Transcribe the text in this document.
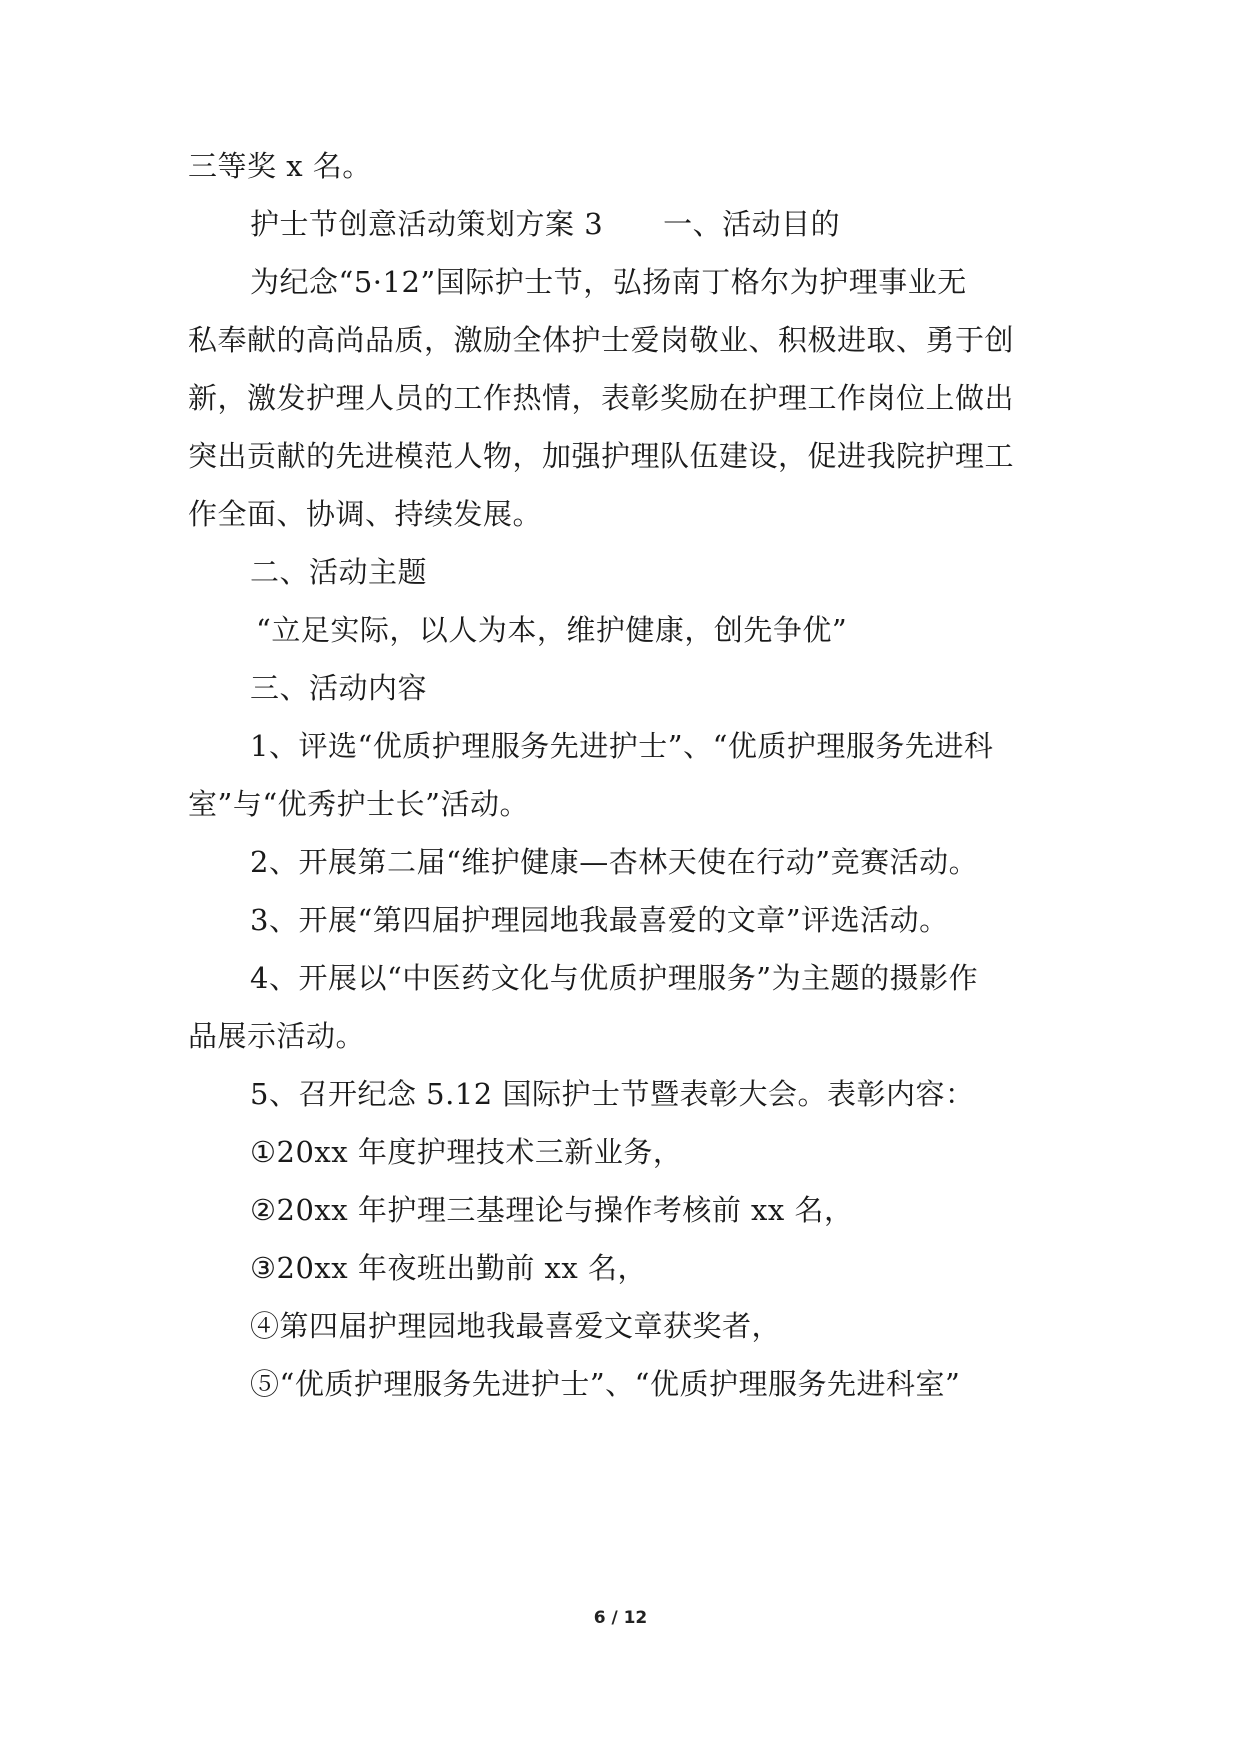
三等奖 x 名。
护士节创意活动策划方案 3 一、活动目的
为纪念“5·12”国际护士节，弘扬南丁格尔为护理事业无
私奉献的高尚品质，激励全体护士爱岗敬业、积极进取、勇于创
新，激发护理人员的工作热情，表彰奖励在护理工作岗位上做出
突出贡献的先进模范人物，加强护理队伍建设，促进我院护理工
作全面、协调、持续发展。
二、活动主题
“立足实际，以人为本，维护健康，创先争优”
三、活动内容
1、评选“优质护理服务先进护士”、“优质护理服务先进科
室”与“优秀护士长”活动。
2、开展第二届“维护健康—杏林天使在行动”竞赛活动。
3、开展“第四届护理园地我最喜爱的文章”评选活动。
4、开展以“中医药文化与优质护理服务”为主题的摄影作
品展示活动。
5、召开纪念 5.12 国际护士节暨表彰大会。表彰内容：
①20xx 年度护理技术三新业务，
②20xx 年护理三基理论与操作考核前 xx 名，
③20xx 年夜班出勤前 xx 名，
④第四届护理园地我最喜爱文章获奖者，
⑤“优质护理服务先进护士”、“优质护理服务先进科室”
6 / 12
